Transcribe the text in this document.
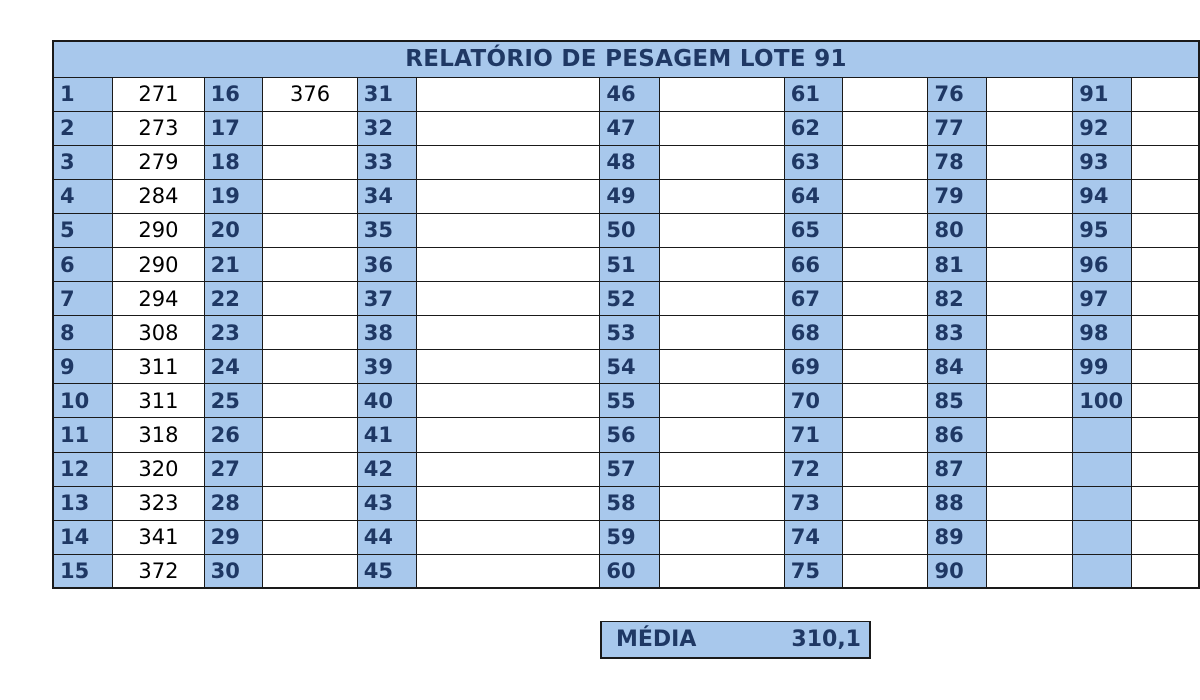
RELATÓRIO DE PESAGEM LOTE 91													
1	271	16	376	31		46		61		76		91	
2	273	17		32		47		62		77		92	
3	279	18		33		48		63		78		93	
4	284	19		34		49		64		79		94	
5	290	20		35		50		65		80		95	
6	290	21		36		51		66		81		96	
7	294	22		37		52		67		82		97	
8	308	23		38		53		68		83		98	
9	311	24		39		54		69		84		99	
10	311	25		40		55		70		85		100	
11	318	26		41		56		71		86			
12	320	27		42		57		72		87			
13	323	28		43		58		73		88			
14	341	29		44		59		74		89			
15	372	30		45		60		75		90			
MÉDIA	310,1
